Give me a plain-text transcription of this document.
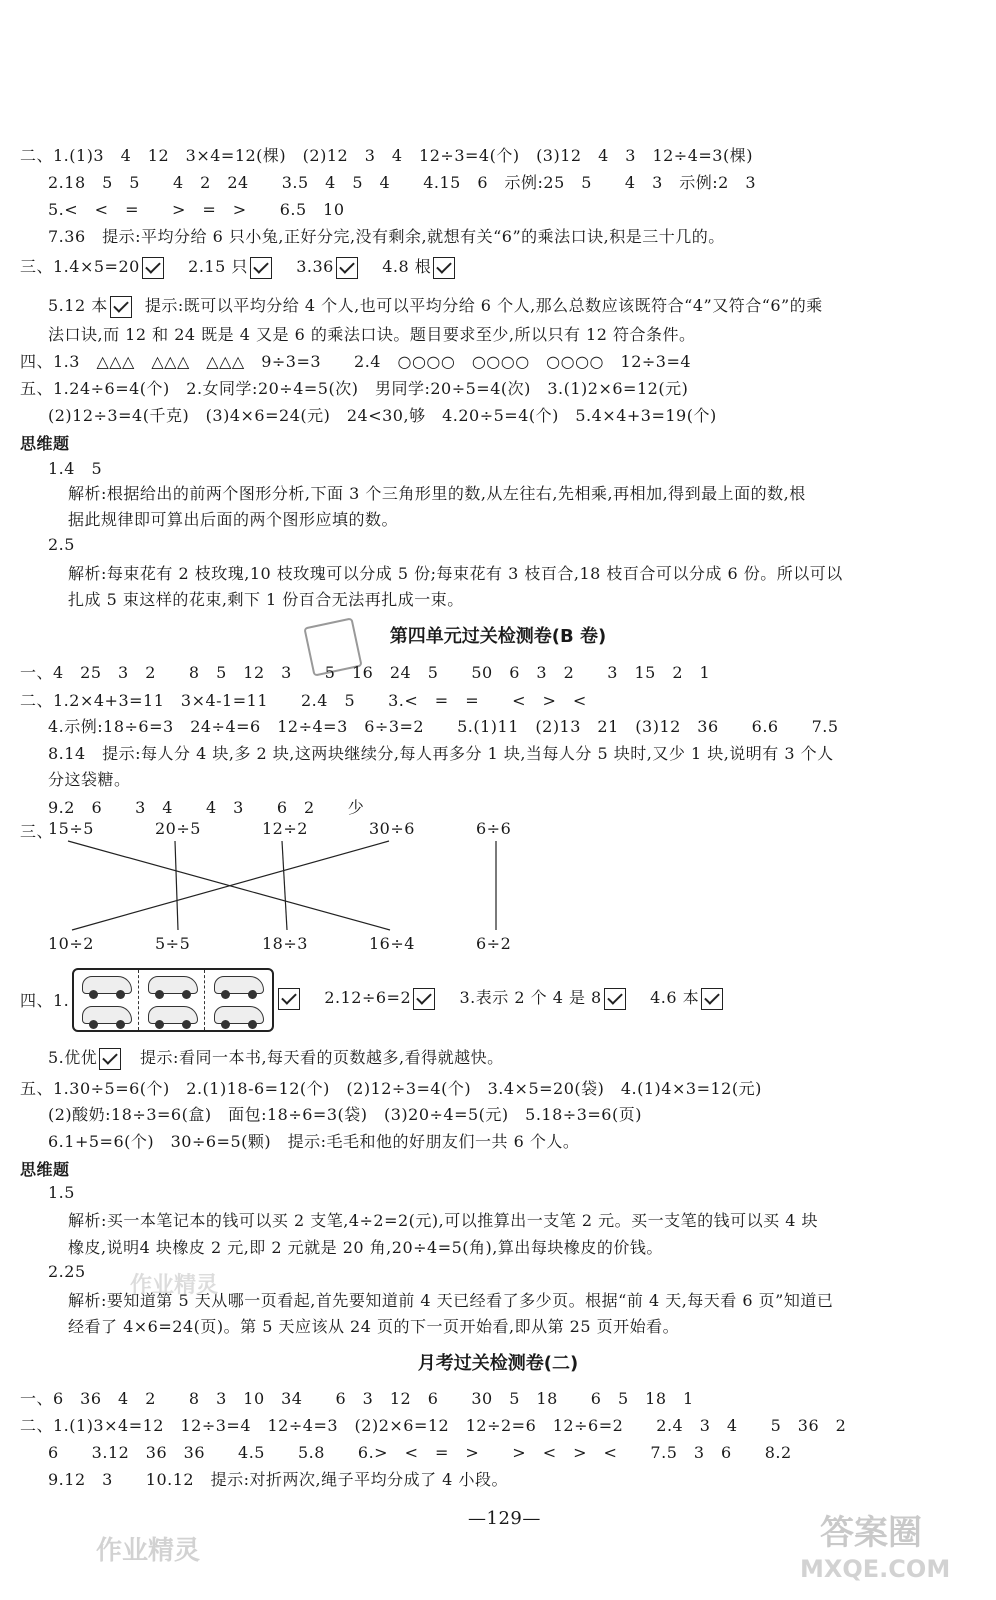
二、1.(1)3　4　12　3×4=12(棵)　(2)12　3　4　12÷3=4(个)　(3)12　4　3　12÷4=3(棵)
2.18　5　5　　4　2　24　　3.5　4　5　4　　4.15　6　示例:25　5　　4　3　示例:2　3
5.<　<　=　　>　=　>　　6.5　10
7.36　提示:平均分给 6 只小兔,正好分完,没有剩余,就想有关“6”的乘法口诀,积是三十几的。
三、1.4×5=20	2.15 只	3.36	4.8 根
5.12 本 提示:既可以平均分给 4 个人,也可以平均分给 6 个人,那么总数应该既符合“4”又符合“6”的乘
法口诀,而 12 和 24 既是 4 又是 6 的乘法口诀。题目要求至少,所以只有 12 符合条件。
四、1.3　△△△　△△△　△△△　9÷3=3　　2.4　○○○○　○○○○　○○○○　12÷3=4
五、1.24÷6=4(个)　2.女同学:20÷4=5(次)　男同学:20÷5=4(次)　3.(1)2×6=12(元)
(2)12÷3=4(千克)　(3)4×6=24(元)　24<30,够　4.20÷5=4(个)　5.4×4+3=19(个)
思维题
1.4　5
解析:根据给出的前两个图形分析,下面 3 个三角形里的数,从左往右,先相乘,再相加,得到最上面的数,根
据此规律即可算出后面的两个图形应填的数。
2.5
解析:每束花有 2 枝玫瑰,10 枝玫瑰可以分成 5 份;每束花有 3 枝百合,18 枝百合可以分成 6 份。所以可以
扎成 5 束这样的花束,剩下 1 份百合无法再扎成一束。
第四单元过关检测卷(B 卷)
一、4　25　3　2　　8　5　12　3　　5　16　24　5　　50　6　3　2　　3　15　2　1
二、1.2×4+3=11　3×4-1=11　　2.4　5　　3.<　=　=　　<　>　<
4.示例:18÷6=3　24÷4=6　12÷4=3　6÷3=2　　5.(1)11　(2)13　21　(3)12　36　　6.6　　7.5
8.14　提示:每人分 4 块,多 2 块,这两块继续分,每人再多分 1 块,当每人分 5 块时,又少 1 块,说明有 3 个人
分这袋糖。
9.2　6　　3　4　　4　3　　6　2　　少
三、
15÷5	20÷5	12÷2	30÷6	6÷6
10÷2	5÷5	18÷3	16÷4	6÷2
四、1.	2.12÷6=2	3.表示 2 个 4 是 8	4.6 本
5.优优	提示:看同一本书,每天看的页数越多,看得就越快。
五、1.30÷5=6(个)　2.(1)18-6=12(个)　(2)12÷3=4(个)　3.4×5=20(袋)　4.(1)4×3=12(元)
(2)酸奶:18÷3=6(盒)　面包:18÷6=3(袋)　(3)20÷4=5(元)　5.18÷3=6(页)
6.1+5=6(个)　30÷6=5(颗)　提示:毛毛和他的好朋友们一共 6 个人。
思维题
1.5
解析:买一本笔记本的钱可以买 2 支笔,4÷2=2(元),可以推算出一支笔 2 元。买一支笔的钱可以买 4 块
橡皮,说明4 块橡皮 2 元,即 2 元就是 20 角,20÷4=5(角),算出每块橡皮的价钱。
2.25
解析:要知道第 5 天从哪一页看起,首先要知道前 4 天已经看了多少页。根据“前 4 天,每天看 6 页”知道已
经看了 4×6=24(页)。第 5 天应该从 24 页的下一页开始看,即从第 25 页开始看。
月考过关检测卷(二)
一、6　36　4　2　　8　3　10　34　　6　3　12　6　　30　5　18　　6　5　18　1
二、1.(1)3×4=12　12÷3=4　12÷4=3　(2)2×6=12　12÷2=6　12÷6=2　　2.4　3　4　　5　36　2
6　　3.12　36　36　　4.5　　5.8　　6.>　<　=　>　　>　<　>　<　　7.5　3　6　　8.2
9.12　3　　10.12　提示:对折两次,绳子平均分成了 4 小段。
—129—	答案圈
MXQE.COM
作业精灵
作业精灵
